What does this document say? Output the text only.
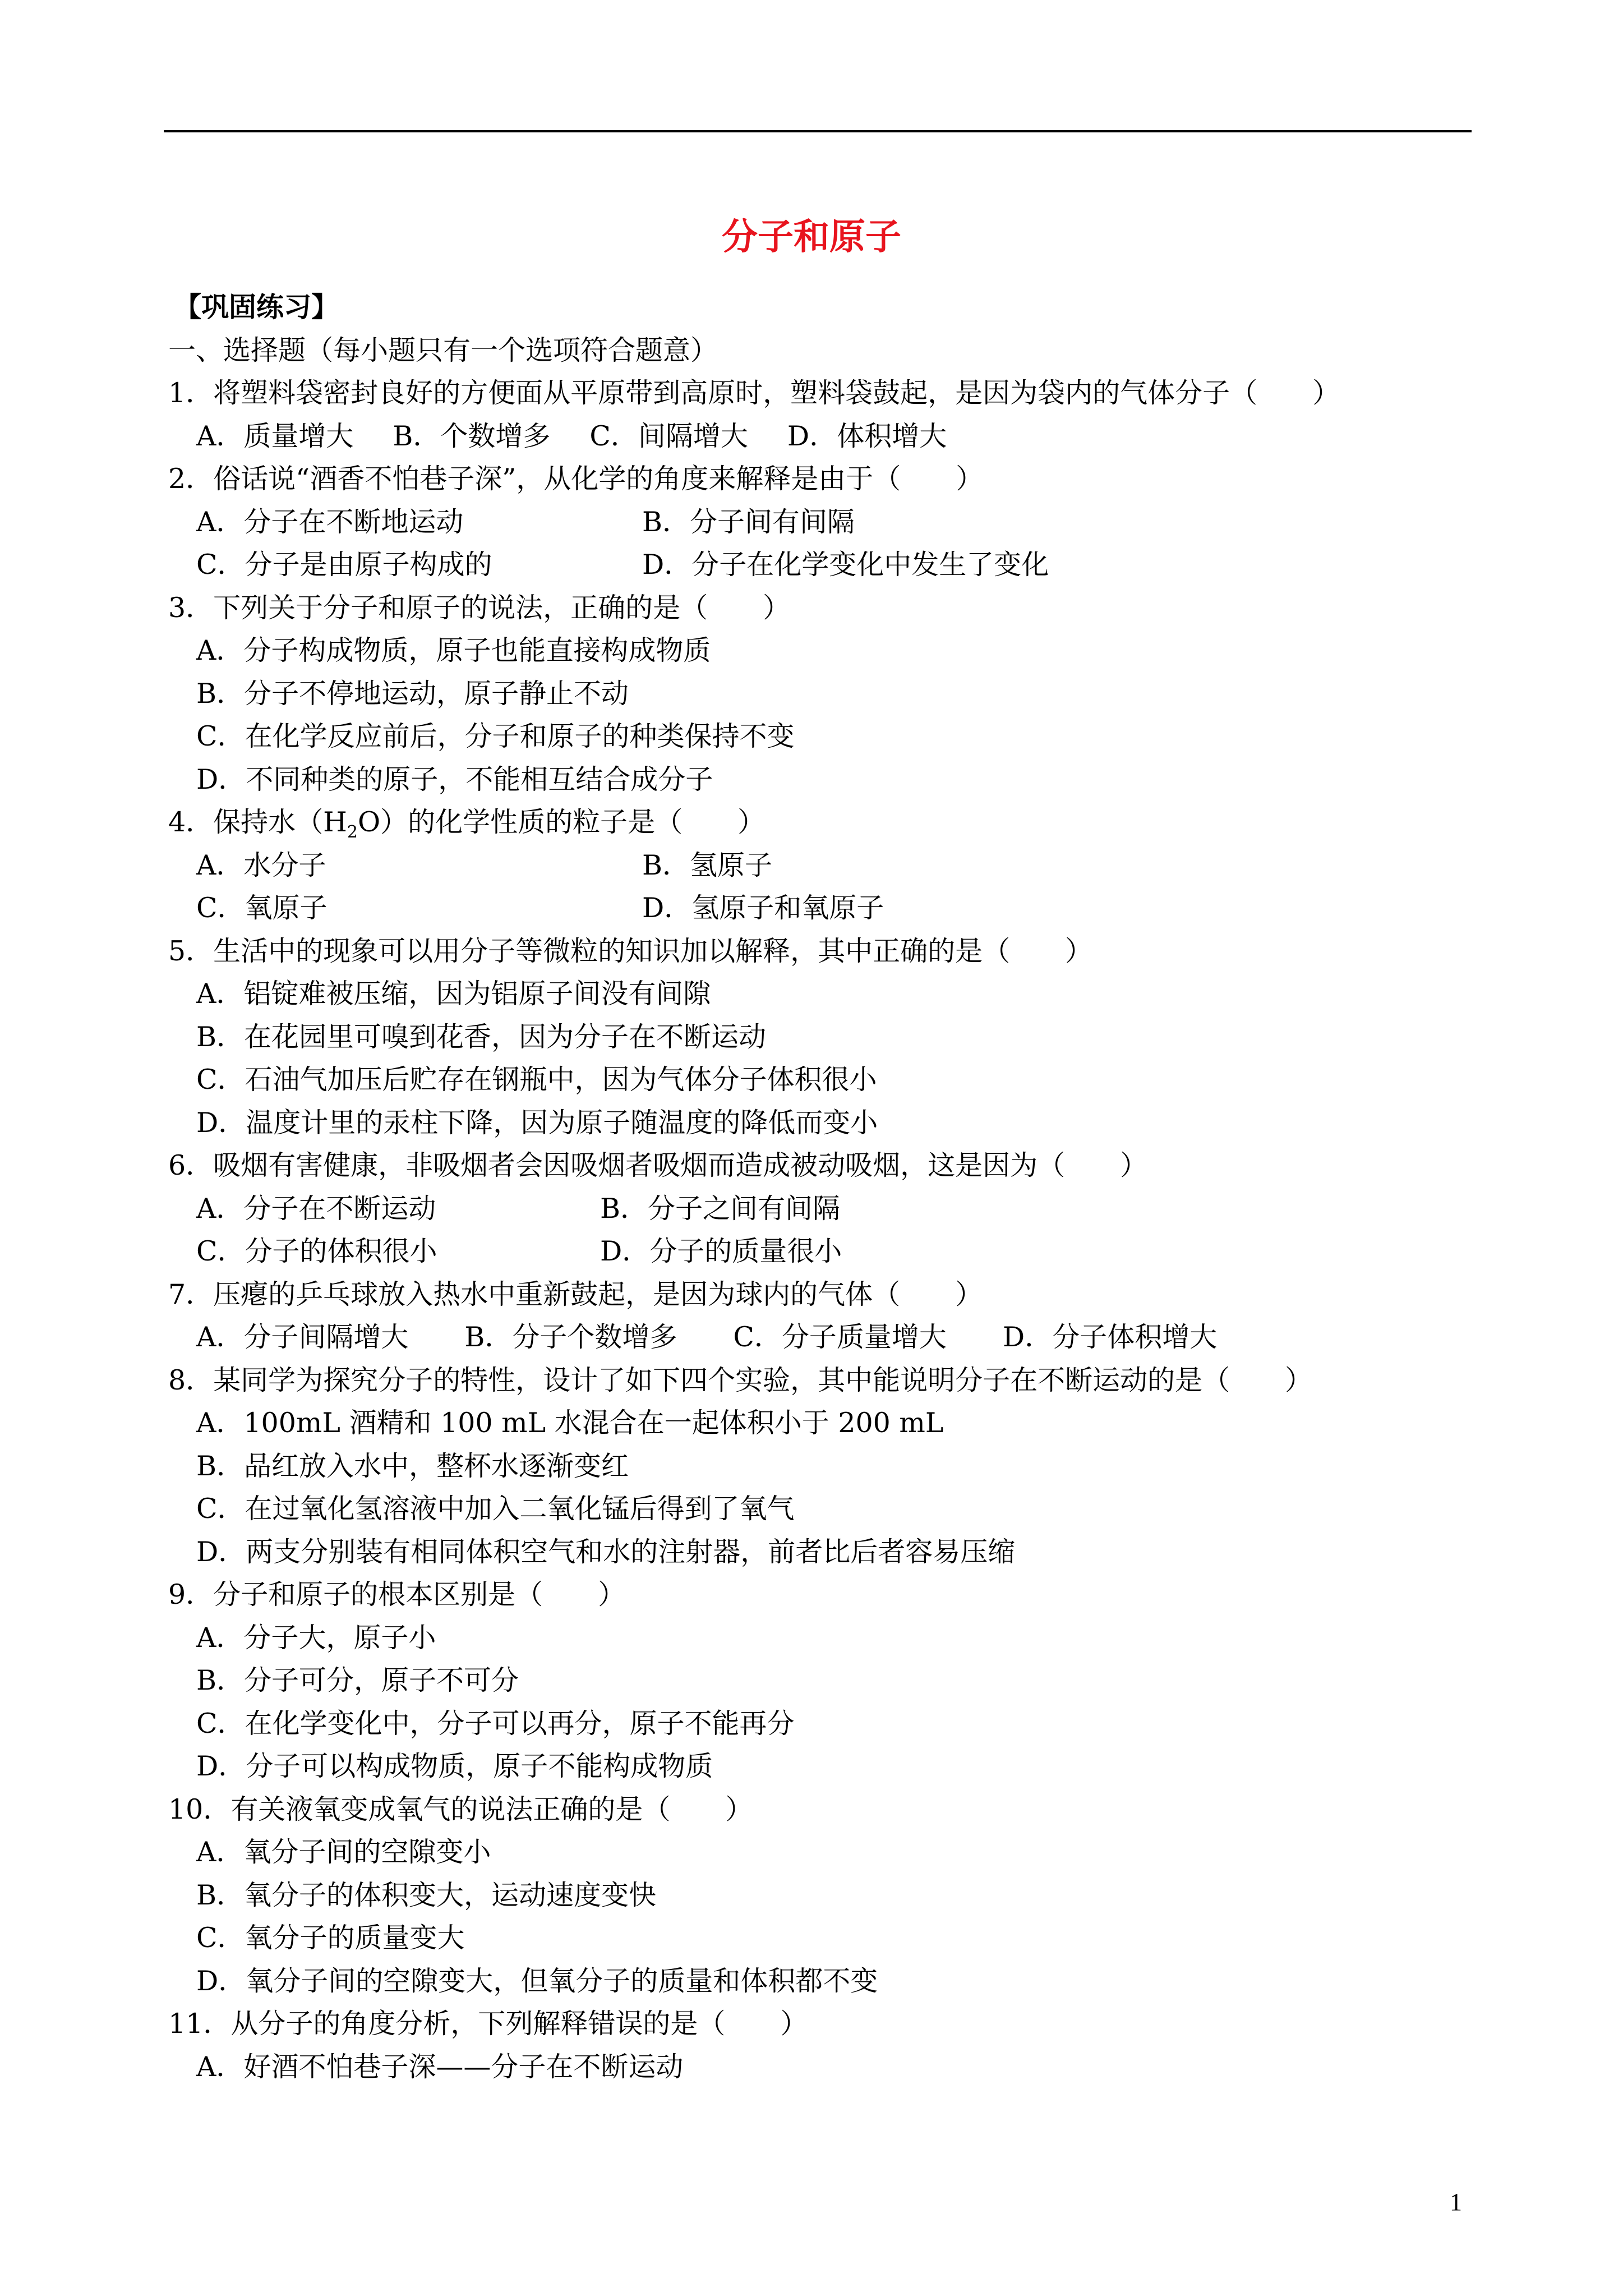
分子和原子
【巩固练习】
一、选择题（每小题只有一个选项符合题意）
1．将塑料袋密封良好的方便面从平原带到高原时，塑料袋鼓起，是因为袋内的气体分子（　　）
A．质量增大 B．个数增多 C．间隔增大 D．体积增大
2．俗话说“酒香不怕巷子深”，从化学的角度来解释是由于（　　）
A．分子在不断地运动	B．分子间有间隔
C．分子是由原子构成的	D．分子在化学变化中发生了变化
3．下列关于分子和原子的说法，正确的是（　　）
A．分子构成物质，原子也能直接构成物质
B．分子不停地运动，原子静止不动
C．在化学反应前后，分子和原子的种类保持不变
D．不同种类的原子，不能相互结合成分子
4．保持水$(H_2O)$的化学性质的粒子是（　　）
A．水分子	B．氢原子
C．氧原子	D．氢原子和氧原子
5．生活中的现象可以用分子等微粒的知识加以解释，其中正确的是（　　）
A．铝锭难被压缩，因为铝原子间没有间隙
B．在花园里可嗅到花香，因为分子在不断运动
C．石油气加压后贮存在钢瓶中，因为气体分子体积很小
D．温度计里的汞柱下降，因为原子随温度的降低而变小
6．吸烟有害健康，非吸烟者会因吸烟者吸烟而造成被动吸烟，这是因为（　　）
A．分子在不断运动	B．分子之间有间隔
C．分子的体积很小	D．分子的质量很小
7．压瘪的乒乓球放入热水中重新鼓起，是因为球内的气体（　　）
A．分子间隔增大 B．分子个数增多 C．分子质量增大 D．分子体积增大
8．某同学为探究分子的特性，设计了如下四个实验，其中能说明分子在不断运动的是（　　）
A．100mL 酒精和 100 mL 水混合在一起体积小于 200 mL
B．品红放入水中，整杯水逐渐变红
C．在过氧化氢溶液中加入二氧化锰后得到了氧气
D．两支分别装有相同体积空气和水的注射器，前者比后者容易压缩
9．分子和原子的根本区别是（　　）
A．分子大，原子小
B．分子可分，原子不可分
C．在化学变化中，分子可以再分，原子不能再分
D．分子可以构成物质，原子不能构成物质
10．有关液氧变成氧气的说法正确的是（　　）
A．氧分子间的空隙变小
B．氧分子的体积变大，运动速度变快
C．氧分子的质量变大
D．氧分子间的空隙变大，但氧分子的质量和体积都不变
11．从分子的角度分析，下列解释错误的是（　　）
A．好酒不怕巷子深——分子在不断运动
1
